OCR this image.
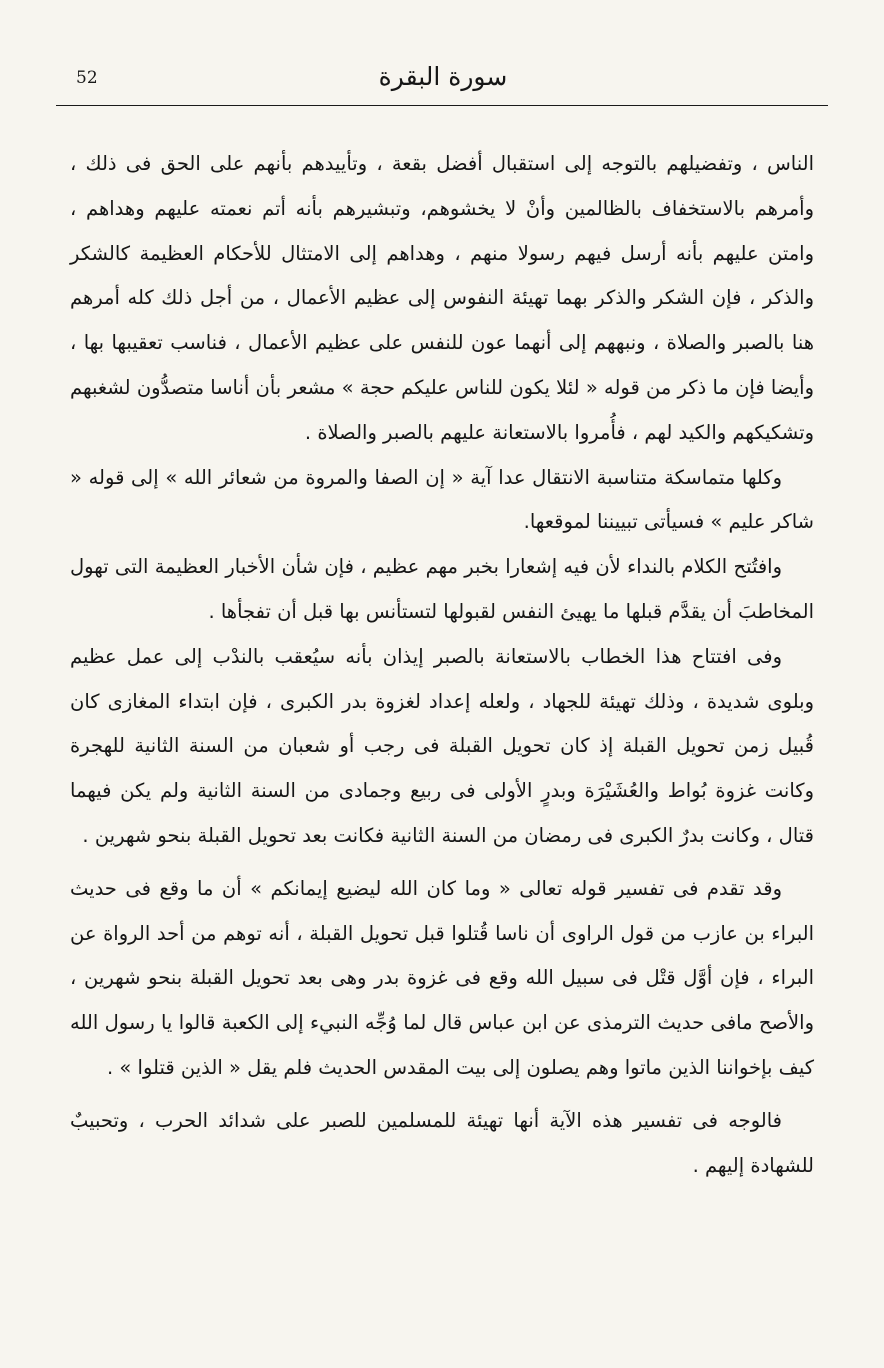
52	سورة البقرة

الناس ، وتفضيلهم بالتوجه إلى استقبال أفضل بقعة ، وتأييدهم بأنهم على الحق فى ذلك ، وأمرهم بالاستخفاف بالظالمين وأنْ لا يخشوهم، وتبشيرهم بأنه أتم نعمته عليهم وهداهم ، وامتن عليهم بأنه أرسل فيهم رسولا منهم ، وهداهم إلى الامتثال للأحكام العظيمة كالشكر والذكر ، فإن الشكر والذكر بهما تهيئة النفوس إلى عظيم الأعمال ، من أجل ذلك كله أمرهم هنا بالصبر والصلاة ، ونبههم إلى أنهما عون للنفس على عظيم الأعمال ، فناسب تعقيبها بها ، وأيضا فإن ما ذكر من قوله « لئلا يكون للناس عليكم حجة » مشعر بأن أناسا متصدُّون لشغبهم وتشكيكهم والكيد لهم ، فأُمروا بالاستعانة عليهم بالصبر والصلاة .

وكلها متماسكة متناسبة الانتقال عدا آية « إن الصفا والمروة من شعائر الله » إلى قوله « شاكر عليم » فسيأتى تبييننا لموقعها.

وافتُتح الكلام بالنداء لأن فيه إشعارا بخبر مهم عظيم ، فإن شأن الأخبار العظيمة التى تهول المخاطبَ أن يقدَّم قبلها ما يهيئ النفس لقبولها لتستأنس بها قبل أن تفجأها .

وفى افتتاح هذا الخطاب بالاستعانة بالصبر إيذان بأنه سيُعقب بالندْب إلى عمل عظيم وبلوى شديدة ، وذلك تهيئة للجهاد ، ولعله إعداد لغزوة بدر الكبرى ، فإن ابتداء المغازى كان قُبيل زمن تحويل القبلة إذ كان تحويل القبلة فى رجب أو شعبان من السنة الثانية للهجرة وكانت غزوة بُواط والعُشَيْرَة وبدرٍ الأولى فى ربيع وجمادى من السنة الثانية ولم يكن فيهما قتال ، وكانت بدرٌ الكبرى فى رمضان من السنة الثانية فكانت بعد تحويل القبلة بنحو شهرين .

وقد تقدم فى تفسير قوله تعالى « وما كان الله ليضيع إيمانكم » أن ما وقع فى حديث البراء بن عازب من قول الراوى أن ناسا قُتلوا قبل تحويل القبلة ، أنه توهم من أحد الرواة عن البراء ، فإن أوَّل قتْل فى سبيل الله وقع فى غزوة بدر وهى بعد تحويل القبلة بنحو شهرين ، والأصح مافى حديث الترمذى عن ابن عباس قال لما وُجِّه النبيء إلى الكعبة قالوا يا رسول الله كيف بإخواننا الذين ماتوا وهم يصلون إلى بيت المقدس الحديث فلم يقل « الذين قتلوا » .

فالوجه فى تفسير هذه الآية أنها تهيئة للمسلمين للصبر على شدائد الحرب ، وتحبيبٌ للشهادة إليهم .
